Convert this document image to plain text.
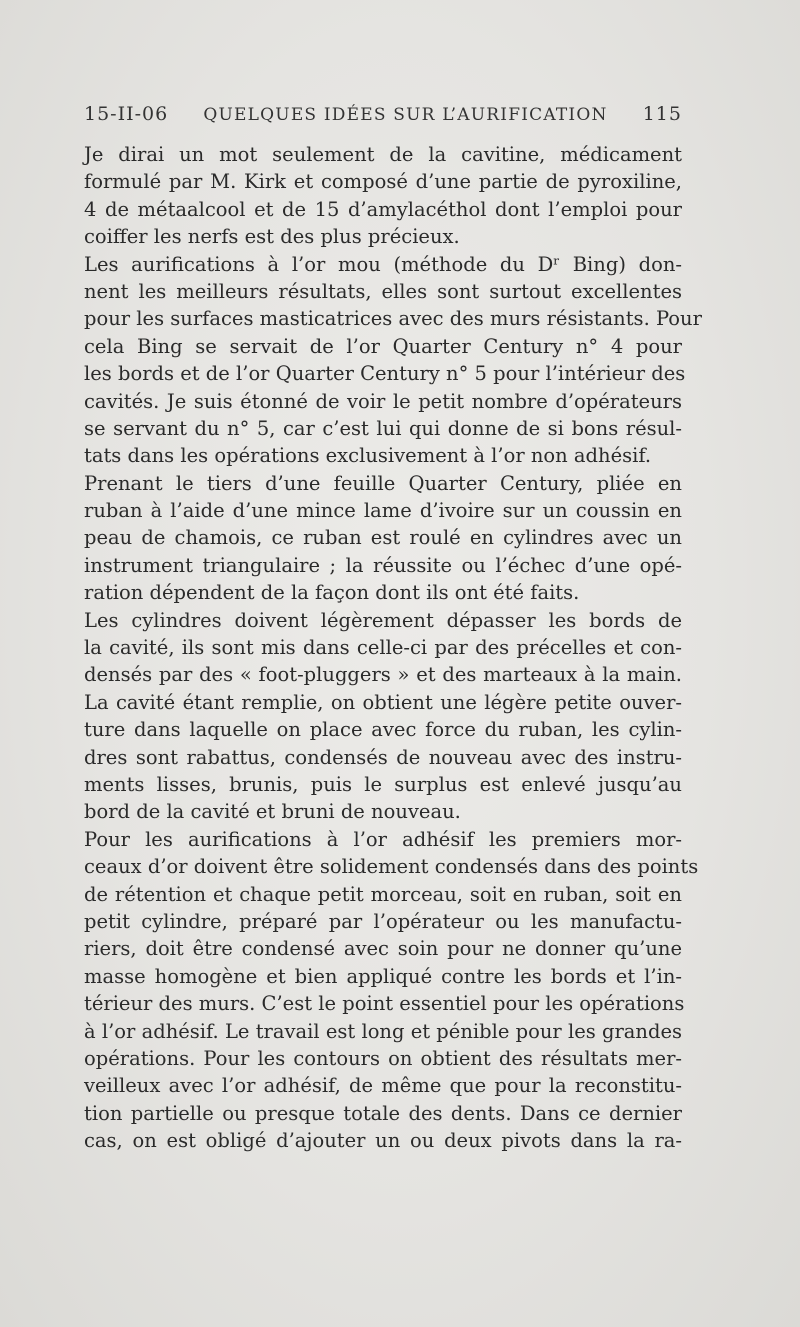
15-II-06 QUELQUES IDÉES SUR L’AURIFICATION 115
Je dirai un mot seulement de la cavitine, médicament
formulé par M. Kirk et composé d’une partie de pyroxiline,
4 de métaalcool et de 15 d’amylacéthol dont l’emploi pour
coiffer les nerfs est des plus précieux.
Les aurifications à l’or mou (méthode du Dʳ Bing) don-
nent les meilleurs résultats, elles sont surtout excellentes
pour les surfaces masticatrices avec des murs résistants. Pour
cela Bing se servait de l’or Quarter Century n° 4 pour
les bords et de l’or Quarter Century n° 5 pour l’intérieur des
cavités. Je suis étonné de voir le petit nombre d’opérateurs
se servant du n° 5, car c’est lui qui donne de si bons résul-
tats dans les opérations exclusivement à l’or non adhésif.
Prenant le tiers d’une feuille Quarter Century, pliée en
ruban à l’aide d’une mince lame d’ivoire sur un coussin en
peau de chamois, ce ruban est roulé en cylindres avec un
instrument triangulaire ; la réussite ou l’échec d’une opé-
ration dépendent de la façon dont ils ont été faits.
Les cylindres doivent légèrement dépasser les bords de
la cavité, ils sont mis dans celle-ci par des précelles et con-
densés par des « foot-pluggers » et des marteaux à la main.
La cavité étant remplie, on obtient une légère petite ouver-
ture dans laquelle on place avec force du ruban, les cylin-
dres sont rabattus, condensés de nouveau avec des instru-
ments lisses, brunis, puis le surplus est enlevé jusqu’au
bord de la cavité et bruni de nouveau.
Pour les aurifications à l’or adhésif les premiers mor-
ceaux d’or doivent être solidement condensés dans des points
de rétention et chaque petit morceau, soit en ruban, soit en
petit cylindre, préparé par l’opérateur ou les manufactu-
riers, doit être condensé avec soin pour ne donner qu’une
masse homogène et bien appliqué contre les bords et l’in-
térieur des murs. C’est le point essentiel pour les opérations
à l’or adhésif. Le travail est long et pénible pour les grandes
opérations. Pour les contours on obtient des résultats mer-
veilleux avec l’or adhésif, de même que pour la reconstitu-
tion partielle ou presque totale des dents. Dans ce dernier
cas, on est obligé d’ajouter un ou deux pivots dans la ra-
